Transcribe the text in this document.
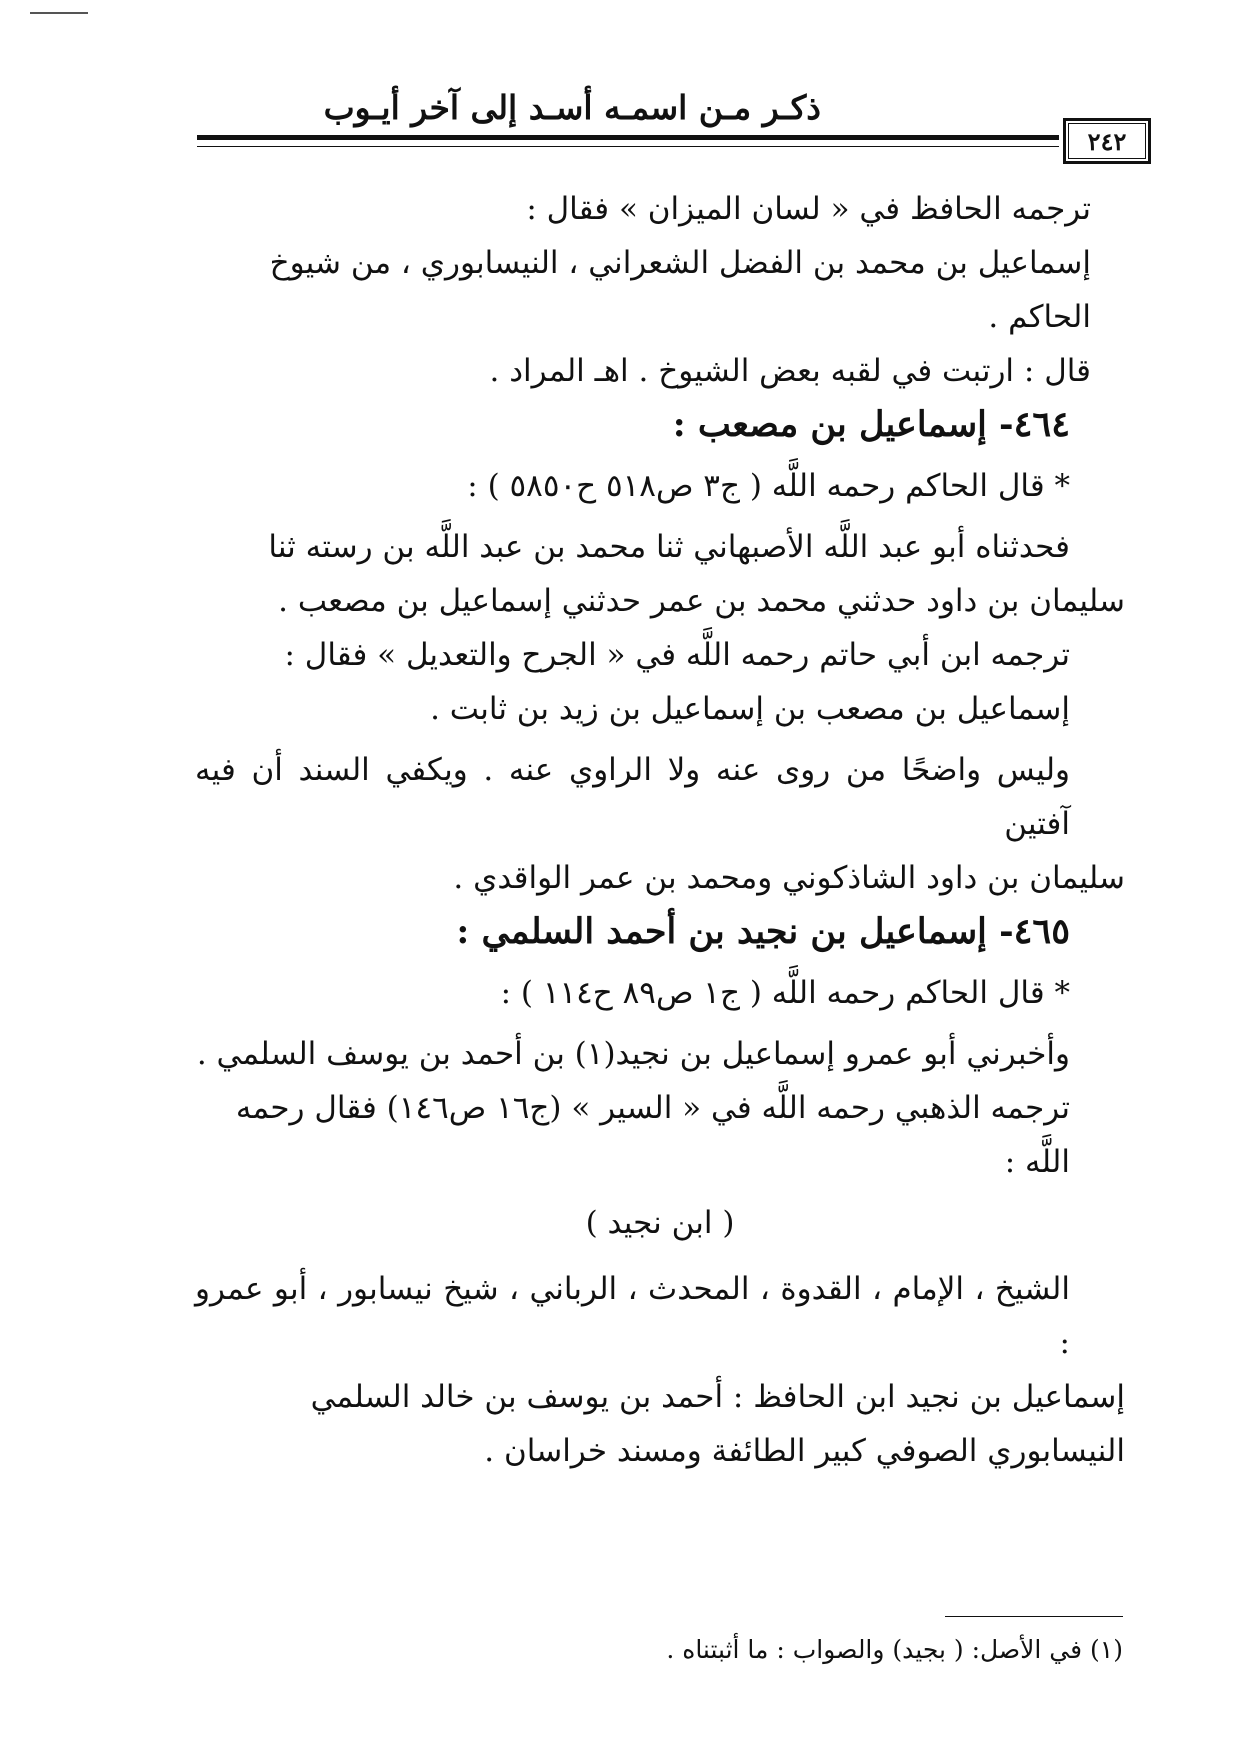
ذكـر مـن اسمـه أسـد إلى آخر أيـوب
٢٤٢

ترجمه الحافظ في « لسان الميزان » فقال :

إسماعيل بن محمد بن الفضل الشعراني ، النيسابوري ، من شيوخ الحاكم .

قال : ارتبت في لقبه بعض الشيوخ . اهـ المراد .

٤٦٤- إسماعيل بن مصعب :

* قال الحاكم رحمه اللَّه ( ج٣ ص٥١٨ ح٥٨٥٠ ) :

فحدثناه أبو عبد اللَّه الأصبهاني ثنا محمد بن عبد اللَّه بن رسته ثنا

سليمان بن داود حدثني محمد بن عمر حدثني إسماعيل بن مصعب .

ترجمه ابن أبي حاتم رحمه اللَّه في « الجرح والتعديل » فقال :

إسماعيل بن مصعب بن إسماعيل بن زيد بن ثابت .

وليس واضحًا من روى عنه ولا الراوي عنه . ويكفي السند أن فيه آفتين

سليمان بن داود الشاذكوني ومحمد بن عمر الواقدي .

٤٦٥- إسماعيل بن نجيد بن أحمد السلمي :

* قال الحاكم رحمه اللَّه ( ج١ ص٨٩ ح١١٤ ) :

وأخبرني أبو عمرو إسماعيل بن نجيد(١) بن أحمد بن يوسف السلمي .

ترجمه الذهبي رحمه اللَّه في « السير » (ج١٦ ص١٤٦) فقال رحمه اللَّه :

( ابن نجيد )

الشيخ ، الإمام ، القدوة ، المحدث ، الرباني ، شيخ نيسابور ، أبو عمرو :

إسماعيل بن نجيد ابن الحافظ : أحمد بن يوسف بن خالد السلمي

النيسابوري الصوفي كبير الطائفة ومسند خراسان .

(١) في الأصل: ( بجيد) والصواب : ما أثبتناه .
